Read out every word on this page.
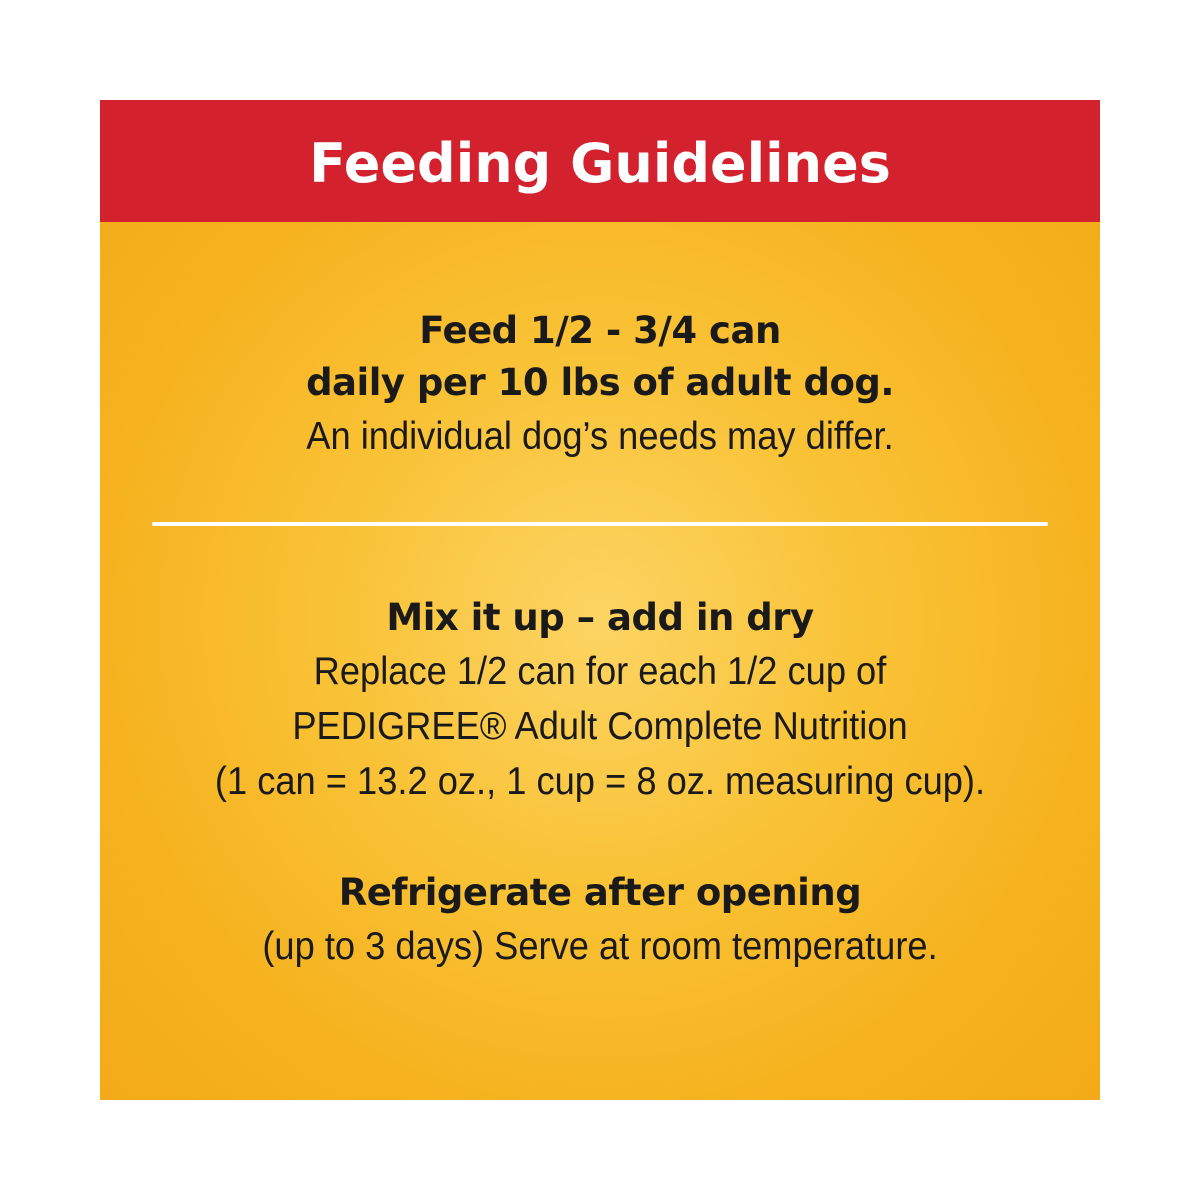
Feeding Guidelines
Feed 1/2 - 3/4 can
daily per 10 lbs of adult dog.
An individual dog’s needs may differ.
Mix it up – add in dry
Replace 1/2 can for each 1/2 cup of
PEDIGREE® Adult Complete Nutrition
(1 can = 13.2 oz., 1 cup = 8 oz. measuring cup).
Refrigerate after opening
(up to 3 days) Serve at room temperature.
